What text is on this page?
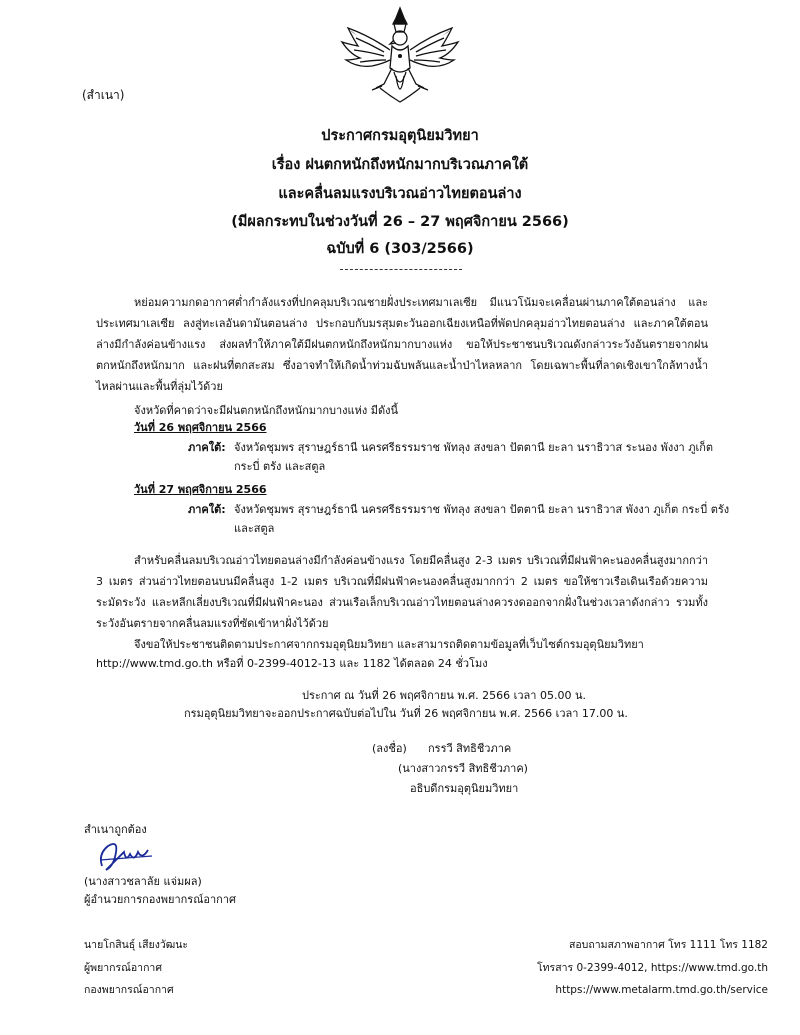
(สำเนา)
ประกาศกรมอุตุนิยมวิทยา
เรื่อง ฝนตกหนักถึงหนักมากบริเวณภาคใต้
และคลื่นลมแรงบริเวณอ่าวไทยตอนล่าง
(มีผลกระทบในช่วงวันที่ 26 – 27 พฤศจิกายน 2566)
ฉบับที่ 6 (303/2566)
หย่อมความกดอากาศต่ำกำลังแรงที่ปกคลุมบริเวณชายฝั่งประเทศมาเลเซีย มีแนวโน้มจะเคลื่อนผ่านภาคใต้ตอนล่าง และประเทศมาเลเซีย ลงสู่ทะเลอันดามันตอนล่าง ประกอบกับมรสุมตะวันออกเฉียงเหนือที่พัดปกคลุมอ่าวไทยตอนล่าง และภาคใต้ตอนล่างมีกำลังค่อนข้างแรง ส่งผลทำให้ภาคใต้มีฝนตกหนักถึงหนักมากบางแห่ง ขอให้ประชาชนบริเวณดังกล่าวระวังอันตรายจากฝนตกหนักถึงหนักมาก และฝนที่ตกสะสม ซึ่งอาจทำให้เกิดน้ำท่วมฉับพลันและน้ำป่าไหลหลาก โดยเฉพาะพื้นที่ลาดเชิงเขาใกล้ทางน้ำไหลผ่านและพื้นที่ลุ่มไว้ด้วย
จังหวัดที่คาดว่าจะมีฝนตกหนักถึงหนักมากบางแห่ง มีดังนี้
วันที่ 26 พฤศจิกายน 2566
ภาคใต้: จังหวัดชุมพร สุราษฎร์ธานี นครศรีธรรมราช พัทลุง สงขลา ปัตตานี ยะลา นราธิวาส ระนอง พังงา ภูเก็ต
กระบี่ ตรัง และสตูล
วันที่ 27 พฤศจิกายน 2566
ภาคใต้: จังหวัดชุมพร สุราษฎร์ธานี นครศรีธรรมราช พัทลุง สงขลา ปัตตานี ยะลา นราธิวาส พังงา ภูเก็ต กระบี่ ตรัง
และสตูล
สำหรับคลื่นลมบริเวณอ่าวไทยตอนล่างมีกำลังค่อนข้างแรง โดยมีคลื่นสูง 2-3 เมตร บริเวณที่มีฝนฟ้าคะนองคลื่นสูงมากกว่า 3 เมตร ส่วนอ่าวไทยตอนบนมีคลื่นสูง 1-2 เมตร บริเวณที่มีฝนฟ้าคะนองคลื่นสูงมากกว่า 2 เมตร ขอให้ชาวเรือเดินเรือด้วยความระมัดระวัง และหลีกเลี่ยงบริเวณที่มีฝนฟ้าคะนอง ส่วนเรือเล็กบริเวณอ่าวไทยตอนล่างควรงดออกจากฝั่งในช่วงเวลาดังกล่าว รวมทั้งระวังอันตรายจากคลื่นลมแรงที่ซัดเข้าหาฝั่งไว้ด้วย
จึงขอให้ประชาชนติดตามประกาศจากกรมอุตุนิยมวิทยา และสามารถติดตามข้อมูลที่เว็บไซต์กรมอุตุนิยมวิทยา
http://www.tmd.go.th หรือที่ 0-2399-4012-13 และ 1182 ได้ตลอด 24 ชั่วโมง
ประกาศ ณ วันที่ 26 พฤศจิกายน พ.ศ. 2566 เวลา 05.00 น.
กรมอุตุนิยมวิทยาจะออกประกาศฉบับต่อไปใน วันที่ 26 พฤศจิกายน พ.ศ. 2566 เวลา 17.00 น.
(ลงชื่อ) กรรวี สิทธิชีวภาค
(นางสาวกรรวี สิทธิชีวภาค)
อธิบดีกรมอุตุนิยมวิทยา
สำเนาถูกต้อง
(นางสาวชลาลัย แจ่มผล)
ผู้อำนวยการกองพยากรณ์อากาศ
นายโกสินธุ์ เสียงวัฒนะ
ผู้พยากรณ์อากาศ
กองพยากรณ์อากาศ
สอบถามสภาพอากาศ โทร 1111 โทร 1182
โทรสาร 0-2399-4012, https://www.tmd.go.th
https://www.metalarm.tmd.go.th/service
